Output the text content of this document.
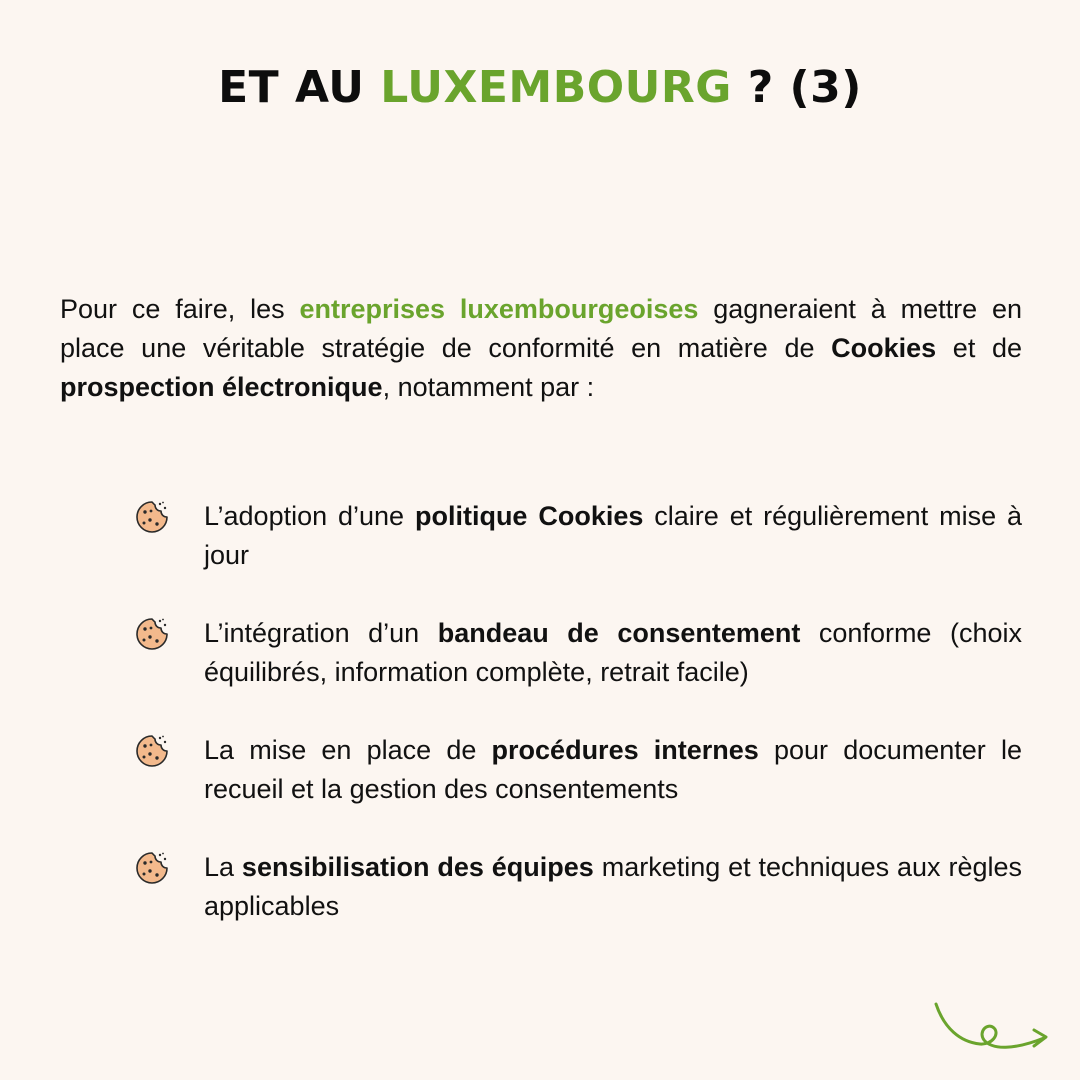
ET AU LUXEMBOURG ? (3)
Pour ce faire, les entreprises luxembourgeoises gagneraient à mettre en place une véritable stratégie de conformité en matière de Cookies et de prospection électronique, notamment par :
L’adoption d’une politique Cookies claire et régulièrement mise à jour
L’intégration d’un bandeau de consentement conforme (choix équilibrés, information complète, retrait facile)
La mise en place de procédures internes pour documenter le recueil et la gestion des consentements
La sensibilisation des équipes marketing et techniques aux règles applicables
